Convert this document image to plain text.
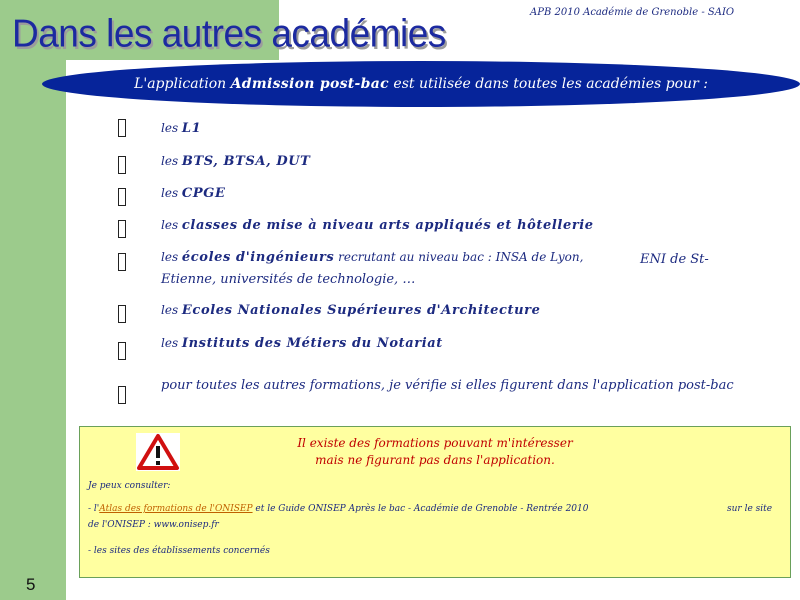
Dans les autres académies	APB 2010 Académie de Grenoble - SAIO
L'application Admission post-bac est utilisée dans toutes les académies pour :
les L1
les BTS, BTSA, DUT
les CPGE
les classes de mise à niveau arts appliqués et hôtellerie
les écoles d'ingénieurs recrutant au niveau bac : INSA de Lyon,	ENI de St-
Etienne, universités de technologie, …
les Ecoles Nationales Supérieures d'Architecture
les Instituts des Métiers du Notariat
pour toutes les autres formations, je vérifie si elles figurent dans l'application post-bac
Il existe des formations pouvant m'intéresser
mais ne figurant pas dans l'application.
Je peux consulter:
- l'Atlas des formations de l'ONISEP et le Guide ONISEP Après le bac - Académie de Grenoble - Rentrée 2010	sur le site
de l'ONISEP : www.onisep.fr
- les sites des établissements concernés
5
